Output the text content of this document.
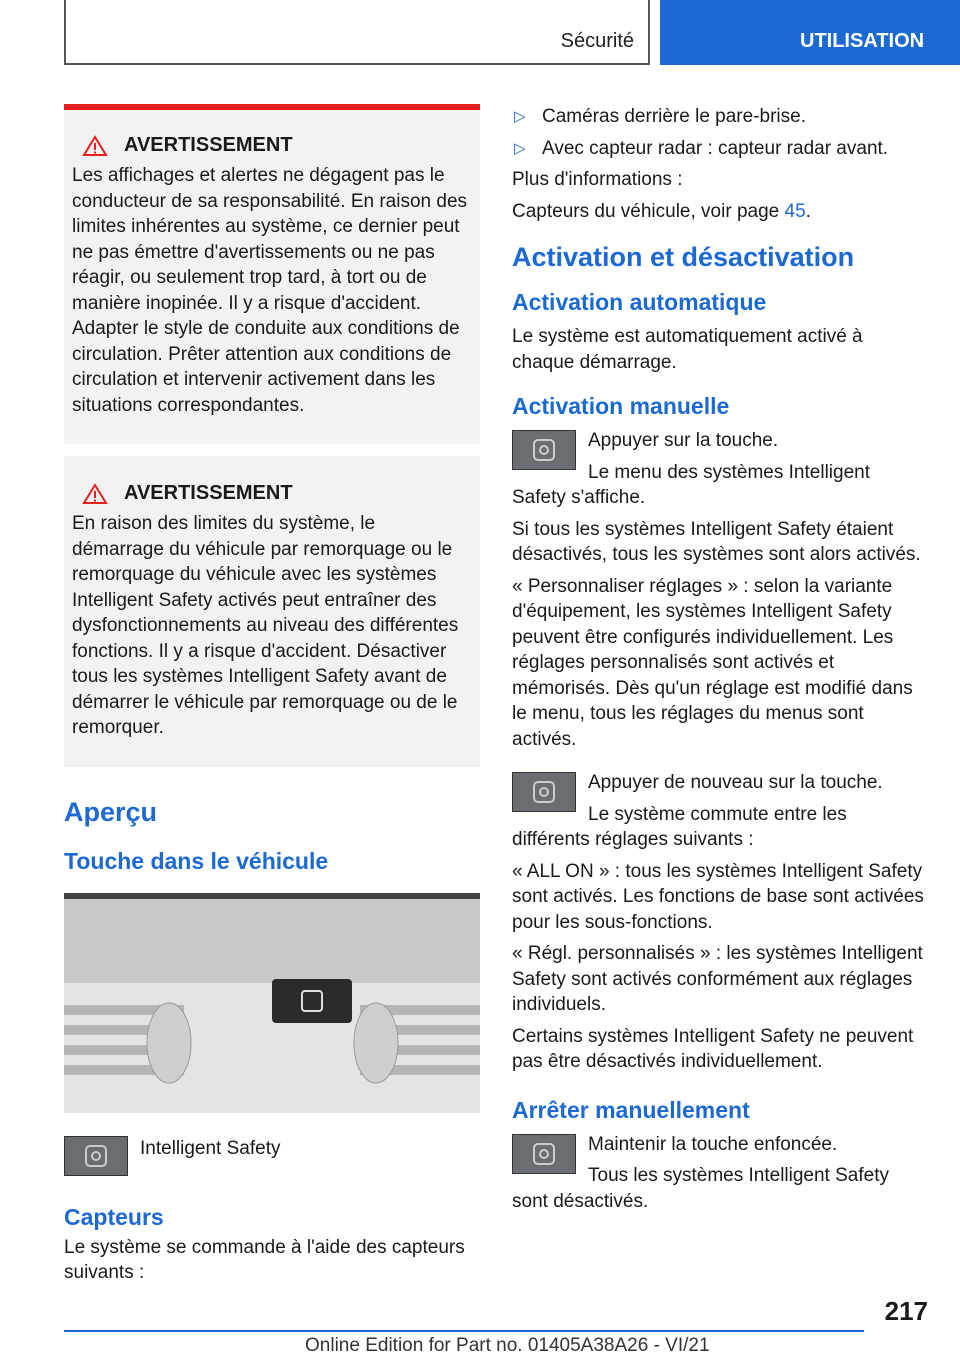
Sécurité	UTILISATION
AVERTISSEMENT
Les affichages et alertes ne dégagent pas le conducteur de sa responsabilité. En raison des limites inhérentes au système, ce dernier peut ne pas émettre d'avertissements ou ne pas réagir, ou seulement trop tard, à tort ou de manière inopinée. Il y a risque d'accident. Adapter le style de conduite aux conditions de circulation. Prêter attention aux conditions de circulation et intervenir activement dans les situations correspondantes.
AVERTISSEMENT
En raison des limites du système, le démarrage du véhicule par remorquage ou le remorquage du véhicule avec les systèmes Intelligent Safety activés peut entraîner des dysfonctionnements au niveau des différentes fonctions. Il y a risque d'accident. Désactiver tous les systèmes Intelligent Safety avant de démarrer le véhicule par remorquage ou de le remorquer.
Aperçu
Touche dans le véhicule
Intelligent Safety
Capteurs

Le système se commande à l'aide des capteurs suivants :

▷ Caméras derrière le pare-brise.
▷ Avec capteur radar : capteur radar avant.

Plus d'informations :

Capteurs du véhicule, voir page 45.

Activation et désactivation
Activation automatique

Le système est automatiquement activé à chaque démarrage.

Activation manuelle

Appuyer sur la touche.

Le menu des systèmes Intelligent Safety s'affiche.

Si tous les systèmes Intelligent Safety étaient désactivés, tous les systèmes sont alors activés.

« Personnaliser réglages » : selon la variante d'équipement, les systèmes Intelligent Safety peuvent être configurés individuellement. Les réglages personnalisés sont activés et mémorisés. Dès qu'un réglage est modifié dans le menu, tous les réglages du menus sont activés.

Appuyer de nouveau sur la touche.

Le système commute entre les différents réglages suivants :

« ALL ON » : tous les systèmes Intelligent Safety sont activés. Les fonctions de base sont activées pour les sous-fonctions.

« Régl. personnalisés » : les systèmes Intelligent Safety sont activés conformément aux réglages individuels.

Certains systèmes Intelligent Safety ne peuvent pas être désactivés individuellement.

Arrêter manuellement

Maintenir la touche enfoncée.

Tous les systèmes Intelligent Safety sont désactivés.

217
Online Edition for Part no. 01405A38A26 - VI/21
